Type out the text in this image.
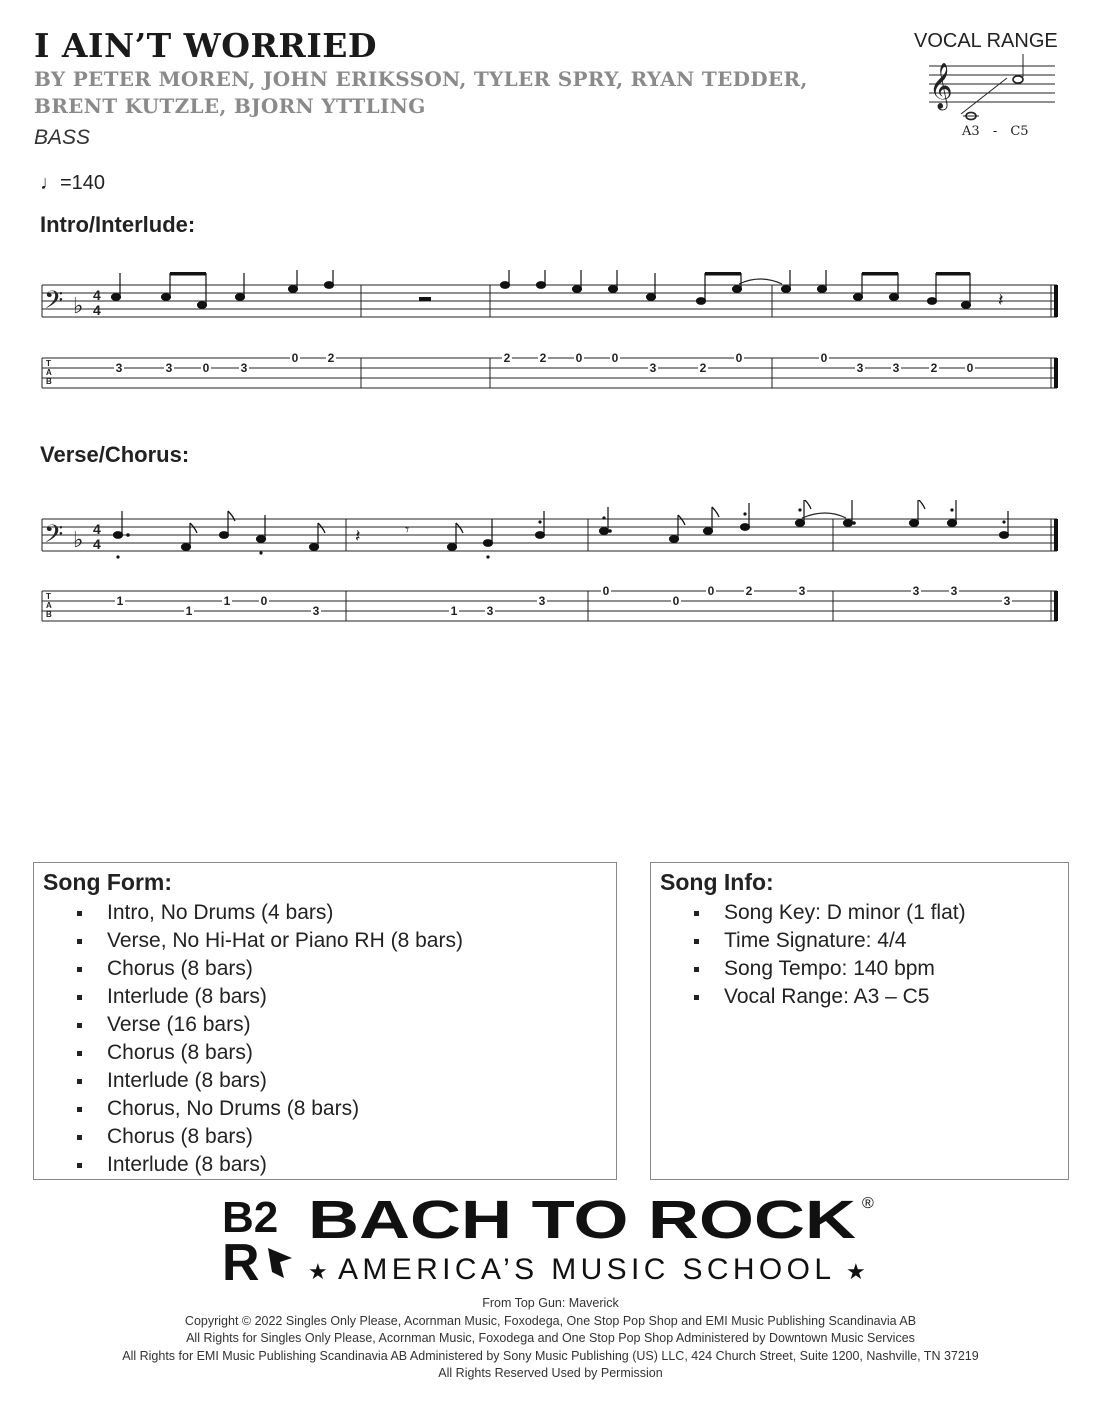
I AIN’T WORRIED
BY PETER MOREN, JOHN ERIKSSON, TYLER SPRY, RYAN TEDDER, BRENT KUTZLE, BJORN YTTLING
BASS
♩=140
VOCAL RANGE
𝄞
A3 - C5
Intro/Interlude:
𝄢 ♭ 4
4
T
A
B
𝄽
3	3	0	3
0 2	2 2 0 0
3	2
0	0
3 3	2 0
Verse/Chorus:
𝄢 ♭ 4
4
T
A
B
𝄽	𝄾
1
1
1	0
3	1 3
3
0
0
0	2	3	3	3
3
Song Form:
Intro, No Drums (4 bars)
Verse, No Hi-Hat or Piano RH (8 bars)
Chorus (8 bars)
Interlude (8 bars)
Verse (16 bars)
Chorus (8 bars)
Interlude (8 bars)
Chorus, No Drums (8 bars)
Chorus (8 bars)
Interlude (8 bars)
Song Info:
Song Key: D minor (1 flat)
Time Signature: 4/4
Song Tempo: 140 bpm
Vocal Range: A3 – C5
B2
R
BACH TO ROCK ®
★ AMERICA’S MUSIC SCHOOL ★
From Top Gun: Maverick
Copyright © 2022 Singles Only Please, Acornman Music, Foxodega, One Stop Pop Shop and EMI Music Publishing Scandinavia AB
All Rights for Singles Only Please, Acornman Music, Foxodega and One Stop Pop Shop Administered by Downtown Music Services
All Rights for EMI Music Publishing Scandinavia AB Administered by Sony Music Publishing (US) LLC, 424 Church Street, Suite 1200, Nashville, TN 37219
All Rights Reserved Used by Permission
